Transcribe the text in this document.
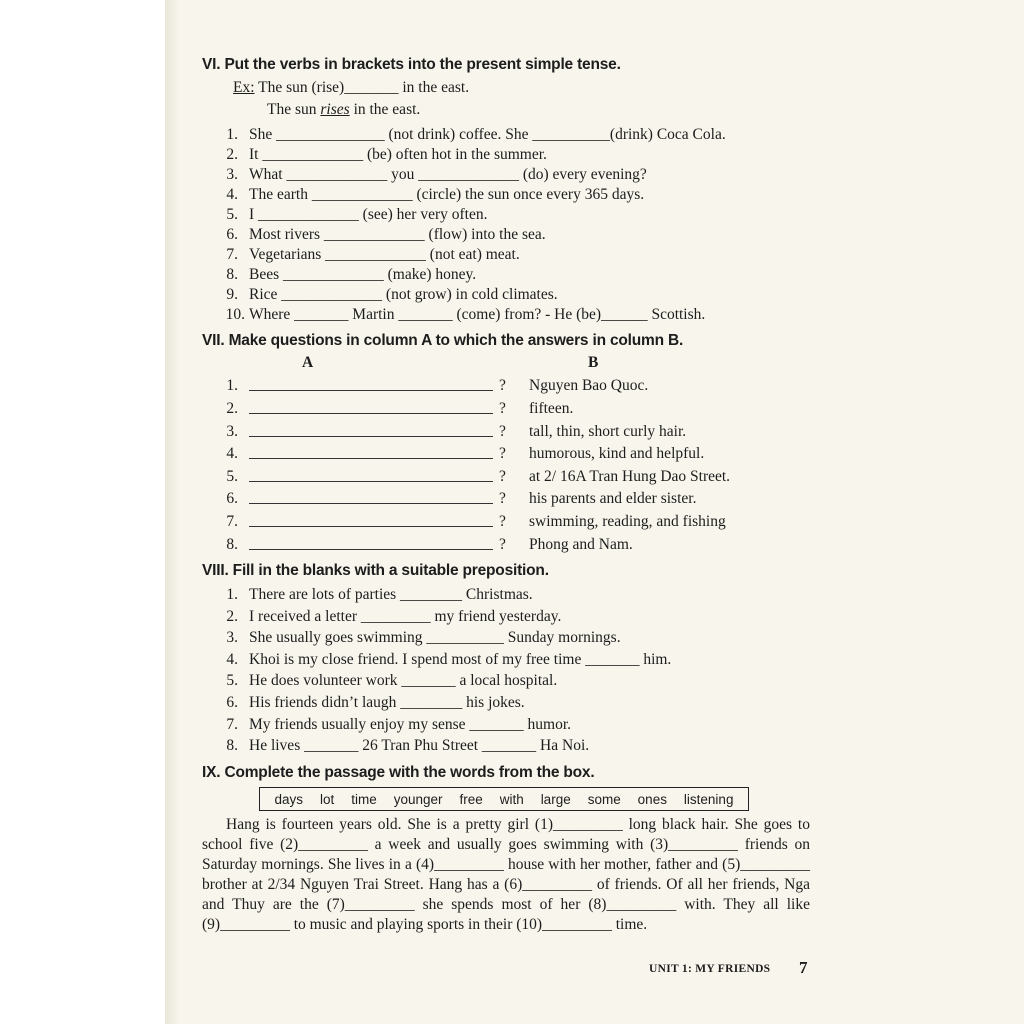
VI. Put the verbs in brackets into the present simple tense.
Ex: The sun (rise)_______ in the east.
The sun rises in the east.
1. She ______________ (not drink) coffee. She __________(drink) Coca Cola.
2. It _____________ (be) often hot in the summer.
3. What _____________ you _____________ (do) every evening?
4. The earth _____________ (circle) the sun once every 365 days.
5. I _____________ (see) her very often.
6. Most rivers _____________ (flow) into the sea.
7. Vegetarians _____________ (not eat) meat.
8. Bees _____________ (make) honey.
9. Rice _____________ (not grow) in cold climates.
10. Where _______ Martin _______ (come) from? - He (be)______ Scottish.
VII. Make questions in column A to which the answers in column B.
A	B
1.	? Nguyen Bao Quoc.
2.	? fifteen.
3.	? tall, thin, short curly hair.
4.	? humorous, kind and helpful.
5.	? at 2/ 16A Tran Hung Dao Street.
6.	? his parents and elder sister.
7.	? swimming, reading, and fishing
8.	? Phong and Nam.
VIII. Fill in the blanks with a suitable preposition.
1. There are lots of parties ________ Christmas.
2. I received a letter _________ my friend yesterday.
3. She usually goes swimming __________ Sunday mornings.
4. Khoi is my close friend. I spend most of my free time _______ him.
5. He does volunteer work _______ a local hospital.
6. His friends didn’t laugh ________ his jokes.
7. My friends usually enjoy my sense _______ humor.
8. He lives _______ 26 Tran Phu Street _______ Ha Noi.
IX. Complete the passage with the words from the box.
days lot time younger free with large some ones listening

Hang is fourteen years old. She is a pretty girl (1)_________ long black hair. She goes to school five (2)_________ a week and usually goes swimming with (3)_________ friends on Saturday mornings. She lives in a (4)_________ house with her mother, father and (5)_________ brother at 2/34 Nguyen Trai Street. Hang has a (6)_________ of friends. Of all her friends, Nga and Thuy are the (7)_________ she spends most of her (8)_________ with. They all like (9)_________ to music and playing sports in their (10)_________ time.

UNIT 1: MY FRIENDS 7
